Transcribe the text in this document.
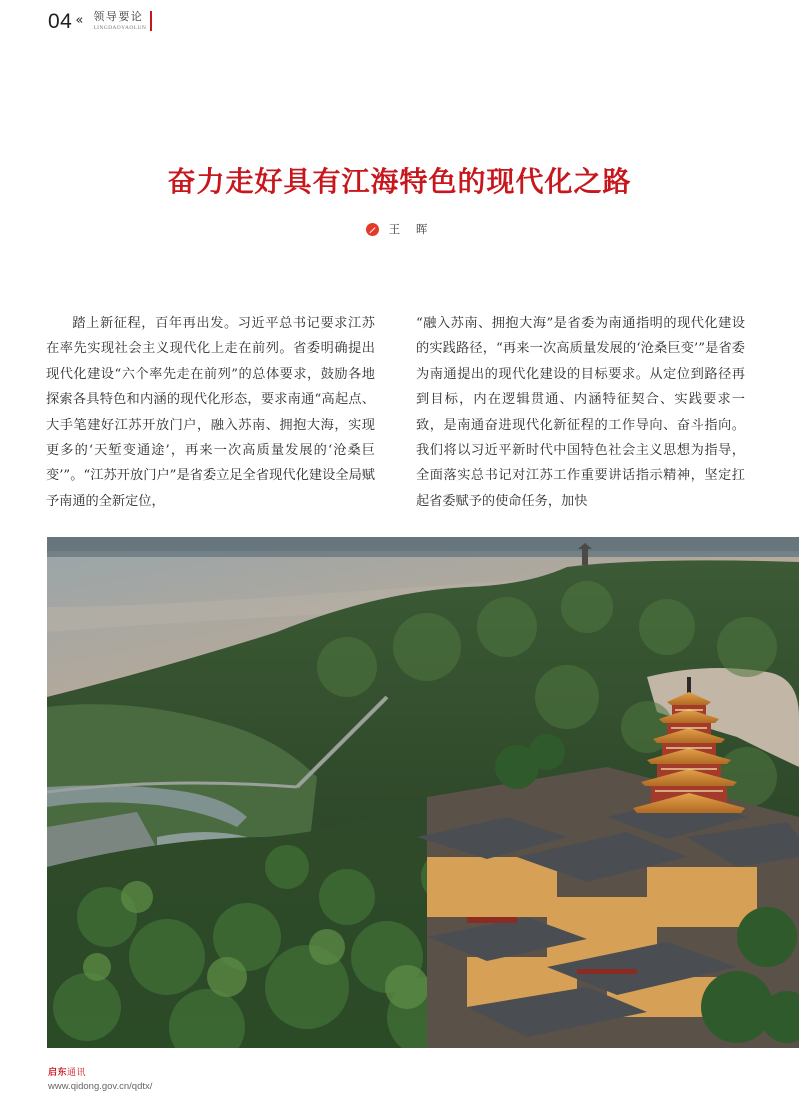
04 « 领导要论
LINGDAOYAOLUN
奋力走好具有江海特色的现代化之路
王 晖

踏上新征程，百年再出发。习近平总书记要求江苏在率先实现社会主义现代化上走在前列。省委明确提出现代化建设“六个率先走在前列”的总体要求，鼓励各地探索各具特色和内涵的现代化形态，要求南通“高起点、大手笔建好江苏开放门户，融入苏南、拥抱大海，实现更多的‘天堑变通途’，再来一次高质量发展的‘沧桑巨变’”。“江苏开放门户”是省委立足全省现代化建设全局赋予南通的全新定位，

“融入苏南、拥抱大海”是省委为南通指明的现代化建设的实践路径，“再来一次高质量发展的‘沧桑巨变’”是省委为南通提出的现代化建设的目标要求。从定位到路径再到目标，内在逻辑贯通、内涵特征契合、实践要求一致，是南通奋进现代化新征程的工作导向、奋斗指向。我们将以习近平新时代中国特色社会主义思想为指导，全面落实总书记对江苏工作重要讲话指示精神，坚定扛起省委赋予的使命任务，加快

启东通讯
www.qidong.gov.cn/qdtx/
